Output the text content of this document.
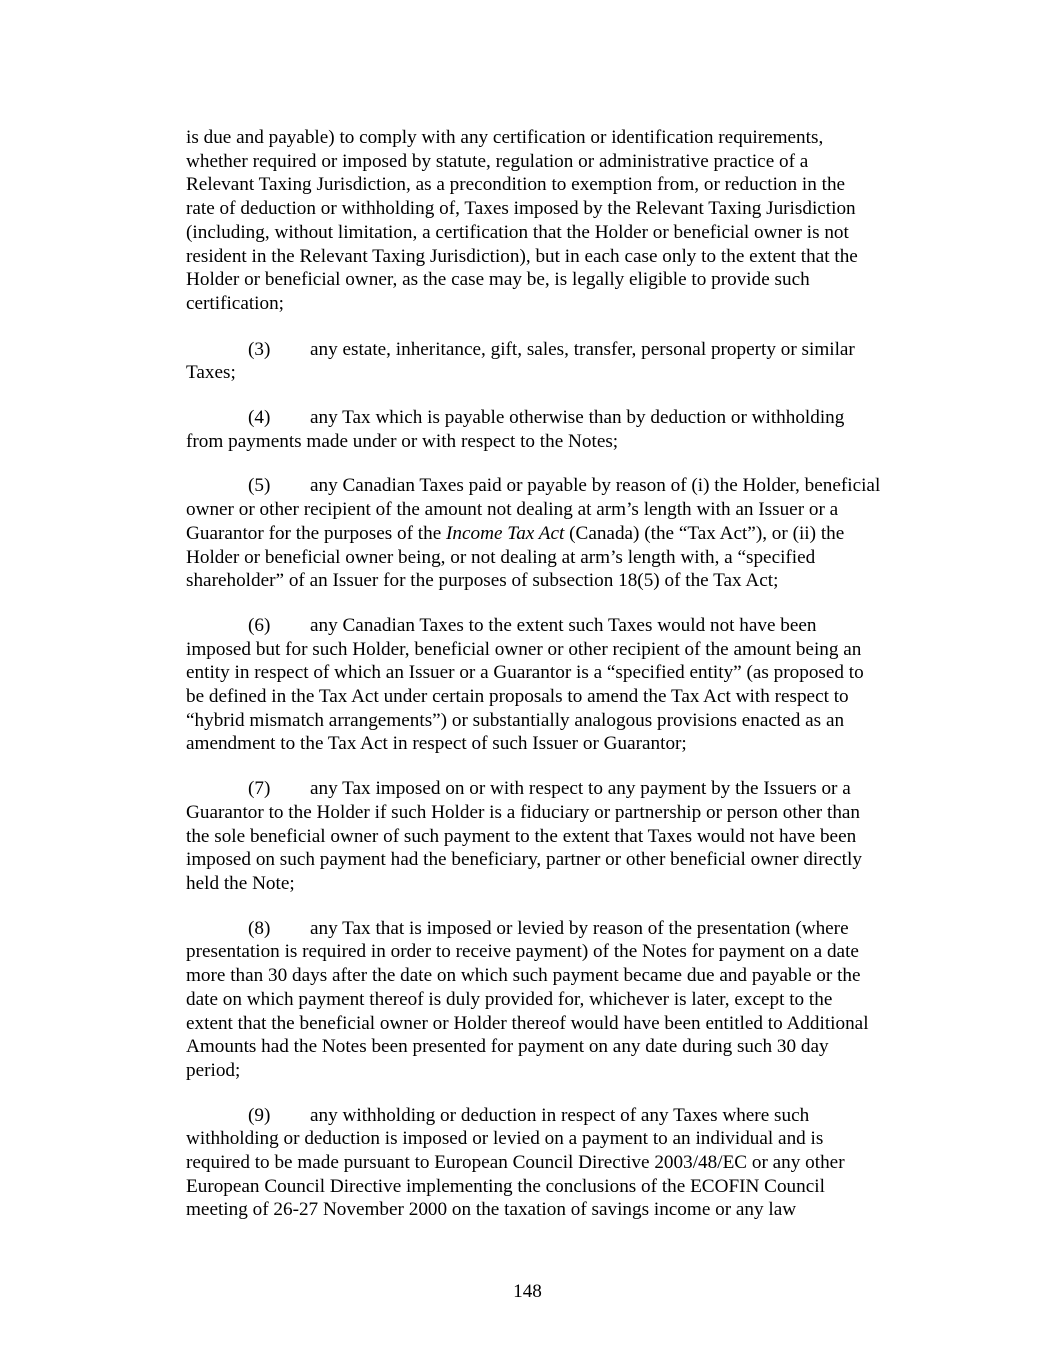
is due and payable) to comply with any certification or identification requirements,
whether required or imposed by statute, regulation or administrative practice of a
Relevant Taxing Jurisdiction, as a precondition to exemption from, or reduction in the
rate of deduction or withholding of, Taxes imposed by the Relevant Taxing Jurisdiction
(including, without limitation, a certification that the Holder or beneficial owner is not
resident in the Relevant Taxing Jurisdiction), but in each case only to the extent that the
Holder or beneficial owner, as the case may be, is legally eligible to provide such
certification;

(3) any estate, inheritance, gift, sales, transfer, personal property or similar
Taxes;

(4) any Tax which is payable otherwise than by deduction or withholding
from payments made under or with respect to the Notes;

(5) any Canadian Taxes paid or payable by reason of (i) the Holder, beneficial
owner or other recipient of the amount not dealing at arm’s length with an Issuer or a
Guarantor for the purposes of the Income Tax Act (Canada) (the “Tax Act”), or (ii) the
Holder or beneficial owner being, or not dealing at arm’s length with, a “specified
shareholder” of an Issuer for the purposes of subsection 18(5) of the Tax Act;

(6) any Canadian Taxes to the extent such Taxes would not have been
imposed but for such Holder, beneficial owner or other recipient of the amount being an
entity in respect of which an Issuer or a Guarantor is a “specified entity” (as proposed to
be defined in the Tax Act under certain proposals to amend the Tax Act with respect to
“hybrid mismatch arrangements”) or substantially analogous provisions enacted as an
amendment to the Tax Act in respect of such Issuer or Guarantor;

(7) any Tax imposed on or with respect to any payment by the Issuers or a
Guarantor to the Holder if such Holder is a fiduciary or partnership or person other than
the sole beneficial owner of such payment to the extent that Taxes would not have been
imposed on such payment had the beneficiary, partner or other beneficial owner directly
held the Note;

(8) any Tax that is imposed or levied by reason of the presentation (where
presentation is required in order to receive payment) of the Notes for payment on a date
more than 30 days after the date on which such payment became due and payable or the
date on which payment thereof is duly provided for, whichever is later, except to the
extent that the beneficial owner or Holder thereof would have been entitled to Additional
Amounts had the Notes been presented for payment on any date during such 30 day
period;

(9) any withholding or deduction in respect of any Taxes where such
withholding or deduction is imposed or levied on a payment to an individual and is
required to be made pursuant to European Council Directive 2003/48/EC or any other
European Council Directive implementing the conclusions of the ECOFIN Council
meeting of 26-27 November 2000 on the taxation of savings income or any law

148
